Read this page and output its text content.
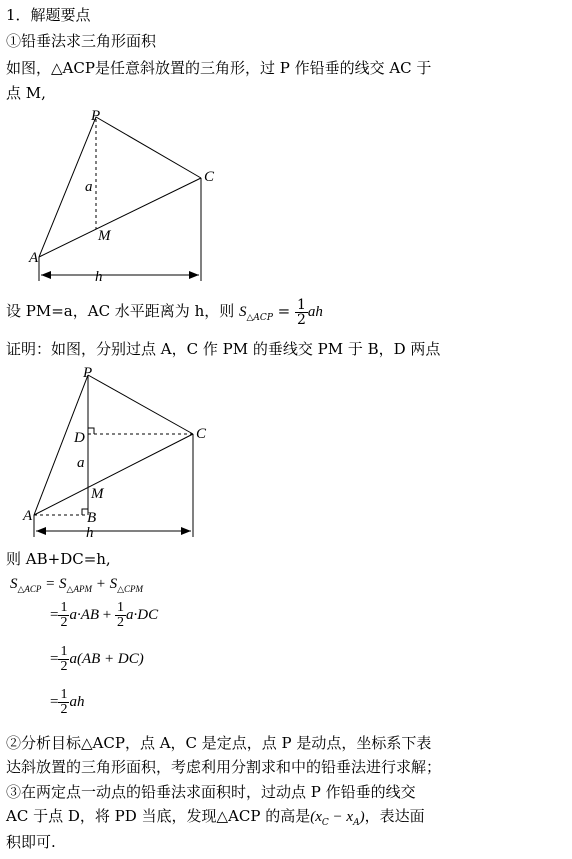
1．解题要点
①铅垂法求三角形面积
如图，△ACP是任意斜放置的三角形，过 P 作铅垂的线交 AC 于
点 M,
P
C
A
M
a
h
设 PM=a，AC 水平距离为 h，则 $S_{\triangle ACP} = \frac{1}{2}$ ah
证明：如图，分别过点 A，C 作 PM 的垂线交 PM 于 B，D 两点
P
C
A
M
D
B
a
h
则 AB+DC=h,
$S_{\triangle ACP} = S_{\triangle APM} + S_{\triangle CPM}$
= $\frac{1}{2} a\cdot AB + \frac{1}{2} a\cdot DC$
= $\frac{1}{2} a(AB + DC)$
= $\frac{1}{2}$ ah
②分析目标△ACP，点 A，C 是定点，点 P 是动点，坐标系下表
达斜放置的三角形面积，考虑利用分割求和中的铅垂法进行求解；
③在两定点一动点的铅垂法求面积时，过动点 P 作铅垂的线交
AC 于点 D，将 PD 当底，发现△ACP 的高是$(x_C - x_A)$，表达面
积即可.
